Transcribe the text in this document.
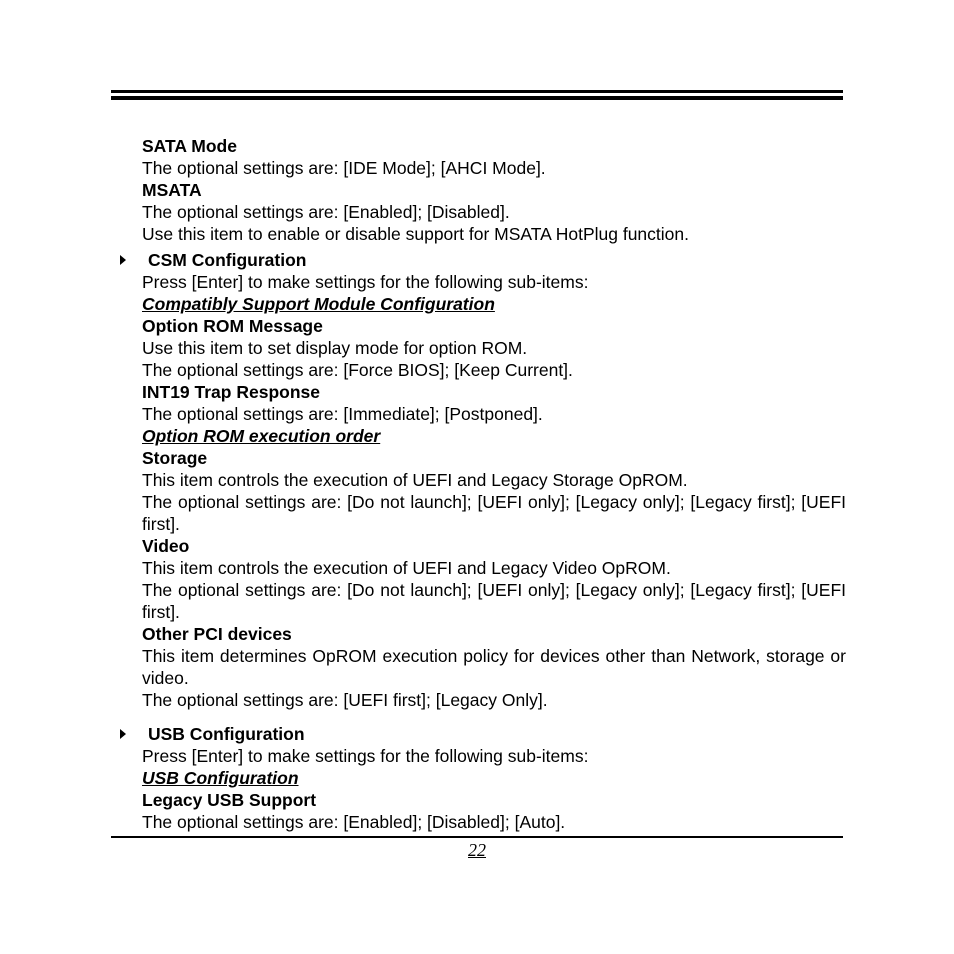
SATA Mode
The optional settings are: [IDE Mode]; [AHCI Mode].
MSATA
The optional settings are: [Enabled]; [Disabled].
Use this item to enable or disable support for MSATA HotPlug function.
CSM Configuration
Press [Enter] to make settings for the following sub-items:
Compatibly Support Module Configuration
Option ROM Message
Use this item to set display mode for option ROM.
The optional settings are: [Force BIOS]; [Keep Current].
INT19 Trap Response
The optional settings are: [Immediate]; [Postponed].
Option ROM execution order
Storage
This item controls the execution of UEFI and Legacy Storage OpROM.
The optional settings are: [Do not launch]; [UEFI only]; [Legacy only]; [Legacy first]; [UEFI first].
Video
This item controls the execution of UEFI and Legacy Video OpROM.
The optional settings are: [Do not launch]; [UEFI only]; [Legacy only]; [Legacy first]; [UEFI first].
Other PCI devices
This item determines OpROM execution policy for devices other than Network, storage or video.
The optional settings are: [UEFI first]; [Legacy Only].
USB Configuration
Press [Enter] to make settings for the following sub-items:
USB Configuration
Legacy USB Support
The optional settings are: [Enabled]; [Disabled]; [Auto].
22
